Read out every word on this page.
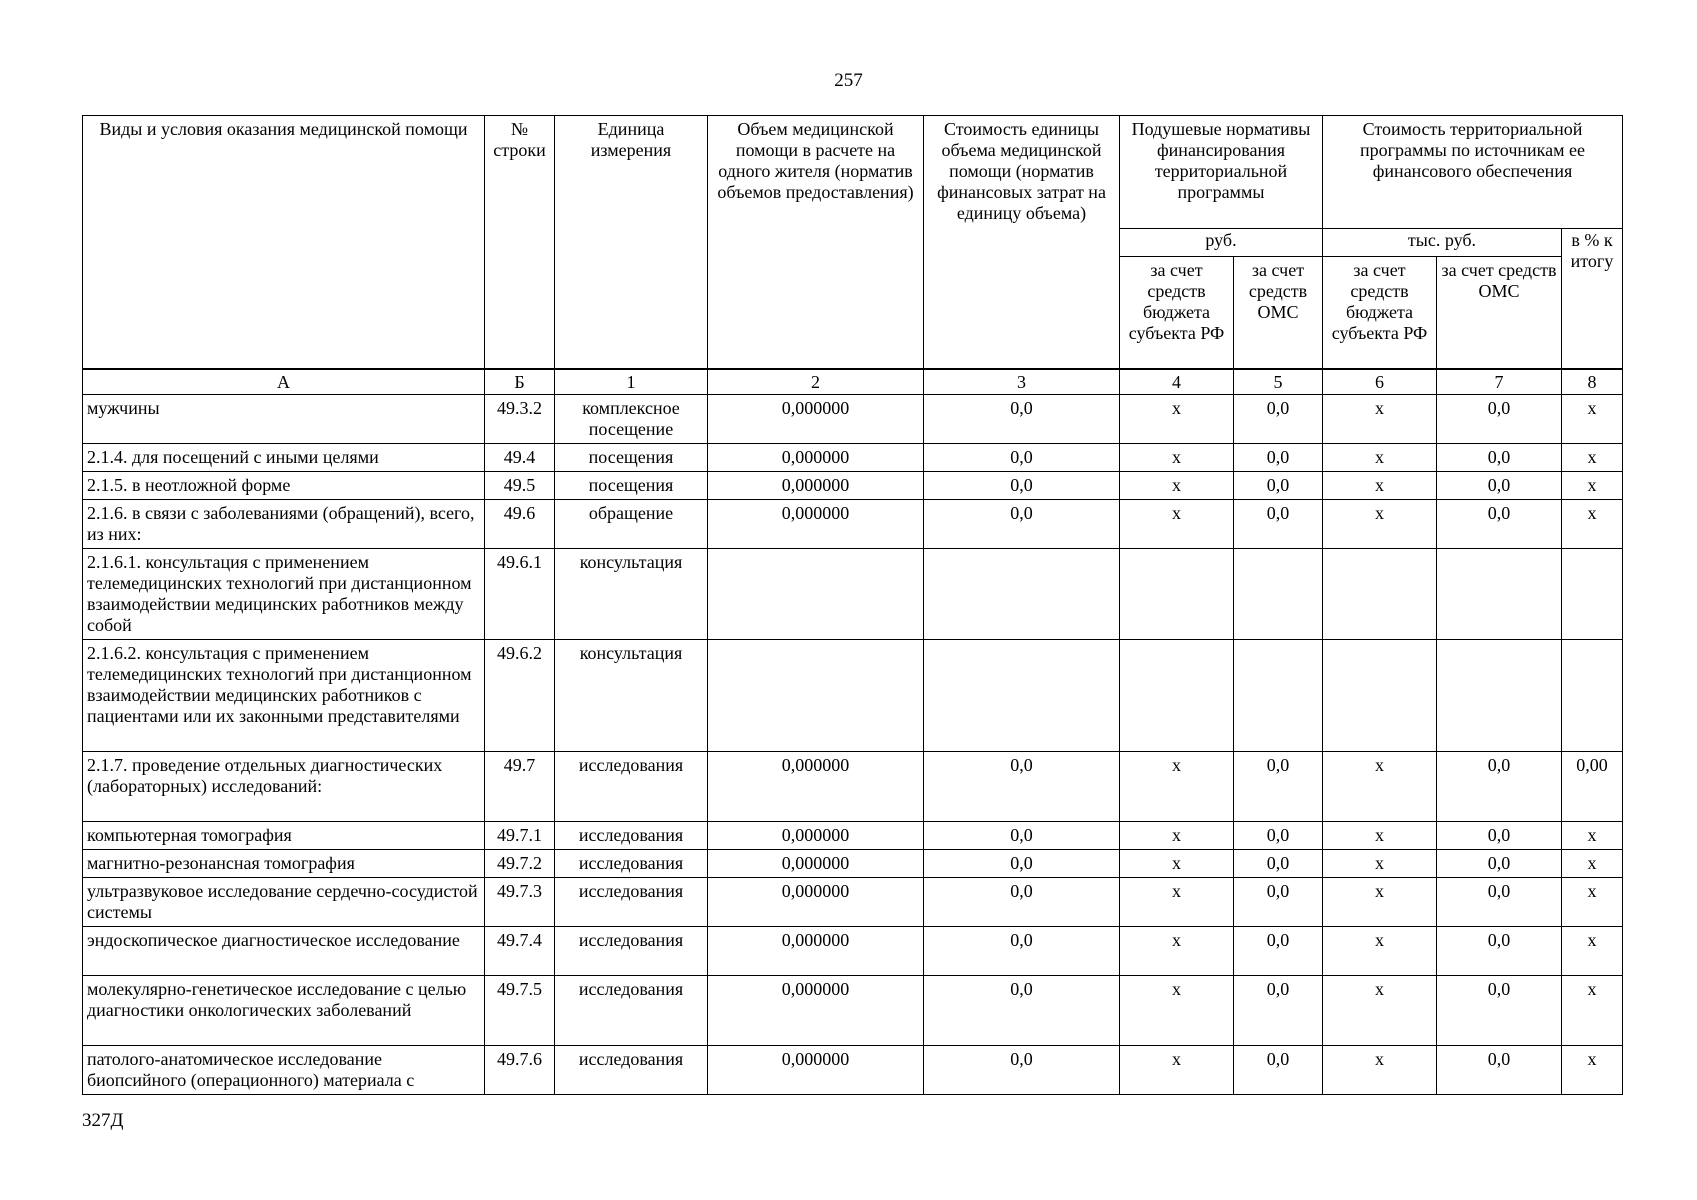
257
Виды и условия оказания медицинской помощи	№ строки	Единица измерения	Объем медицинской помощи в расчете на одного жителя (норматив объемов предоставления)	Стоимость единицы объема медицинской помощи (норматив финансовых затрат на единицу объема)	Подушевые нормативы финансирования территориальной программы		Стоимость территориальной программы по источникам ее финансового обеспечения		
					руб.		тыс. руб.		в % к итогу
					за счет средств бюджета субъекта РФ	за счет средств ОМС	за счет средств бюджета субъекта РФ	за счет средств ОМС	
А	Б	1	2	3	4	5	6	7	8
мужчины	49.3.2	комплексное посещение	0,000000	0,0	х	0,0	х	0,0	х
2.1.4. для посещений с иными целями	49.4	посещения	0,000000	0,0	х	0,0	х	0,0	х
2.1.5. в неотложной форме	49.5	посещения	0,000000	0,0	х	0,0	х	0,0	х
2.1.6. в связи с заболеваниями (обращений), всего, из них:	49.6	обращение	0,000000	0,0	х	0,0	х	0,0	х
2.1.6.1. консультация с применением телемедицинских технологий при дистанционном взаимодействии медицинских работников между собой	49.6.1	консультация							
2.1.6.2. консультация с применением телемедицинских технологий при дистанционном взаимодействии медицинских работников с пациентами или их законными представителями	49.6.2	консультация							
2.1.7. проведение отдельных диагностических (лабораторных) исследований:	49.7	исследования	0,000000	0,0	х	0,0	х	0,0	0,00
компьютерная томография	49.7.1	исследования	0,000000	0,0	х	0,0	х	0,0	х
магнитно-резонансная томография	49.7.2	исследования	0,000000	0,0	х	0,0	х	0,0	х
ультразвуковое исследование сердечно-сосудистой системы	49.7.3	исследования	0,000000	0,0	х	0,0	х	0,0	х
эндоскопическое диагностическое исследование	49.7.4	исследования	0,000000	0,0	х	0,0	х	0,0	х
молекулярно-генетическое исследование с целью диагностики онкологических заболеваний	49.7.5	исследования	0,000000	0,0	х	0,0	х	0,0	х
патолого-анатомическое исследование биопсийного (операционного) материала с	49.7.6	исследования	0,000000	0,0	х	0,0	х	0,0	х
327Д
